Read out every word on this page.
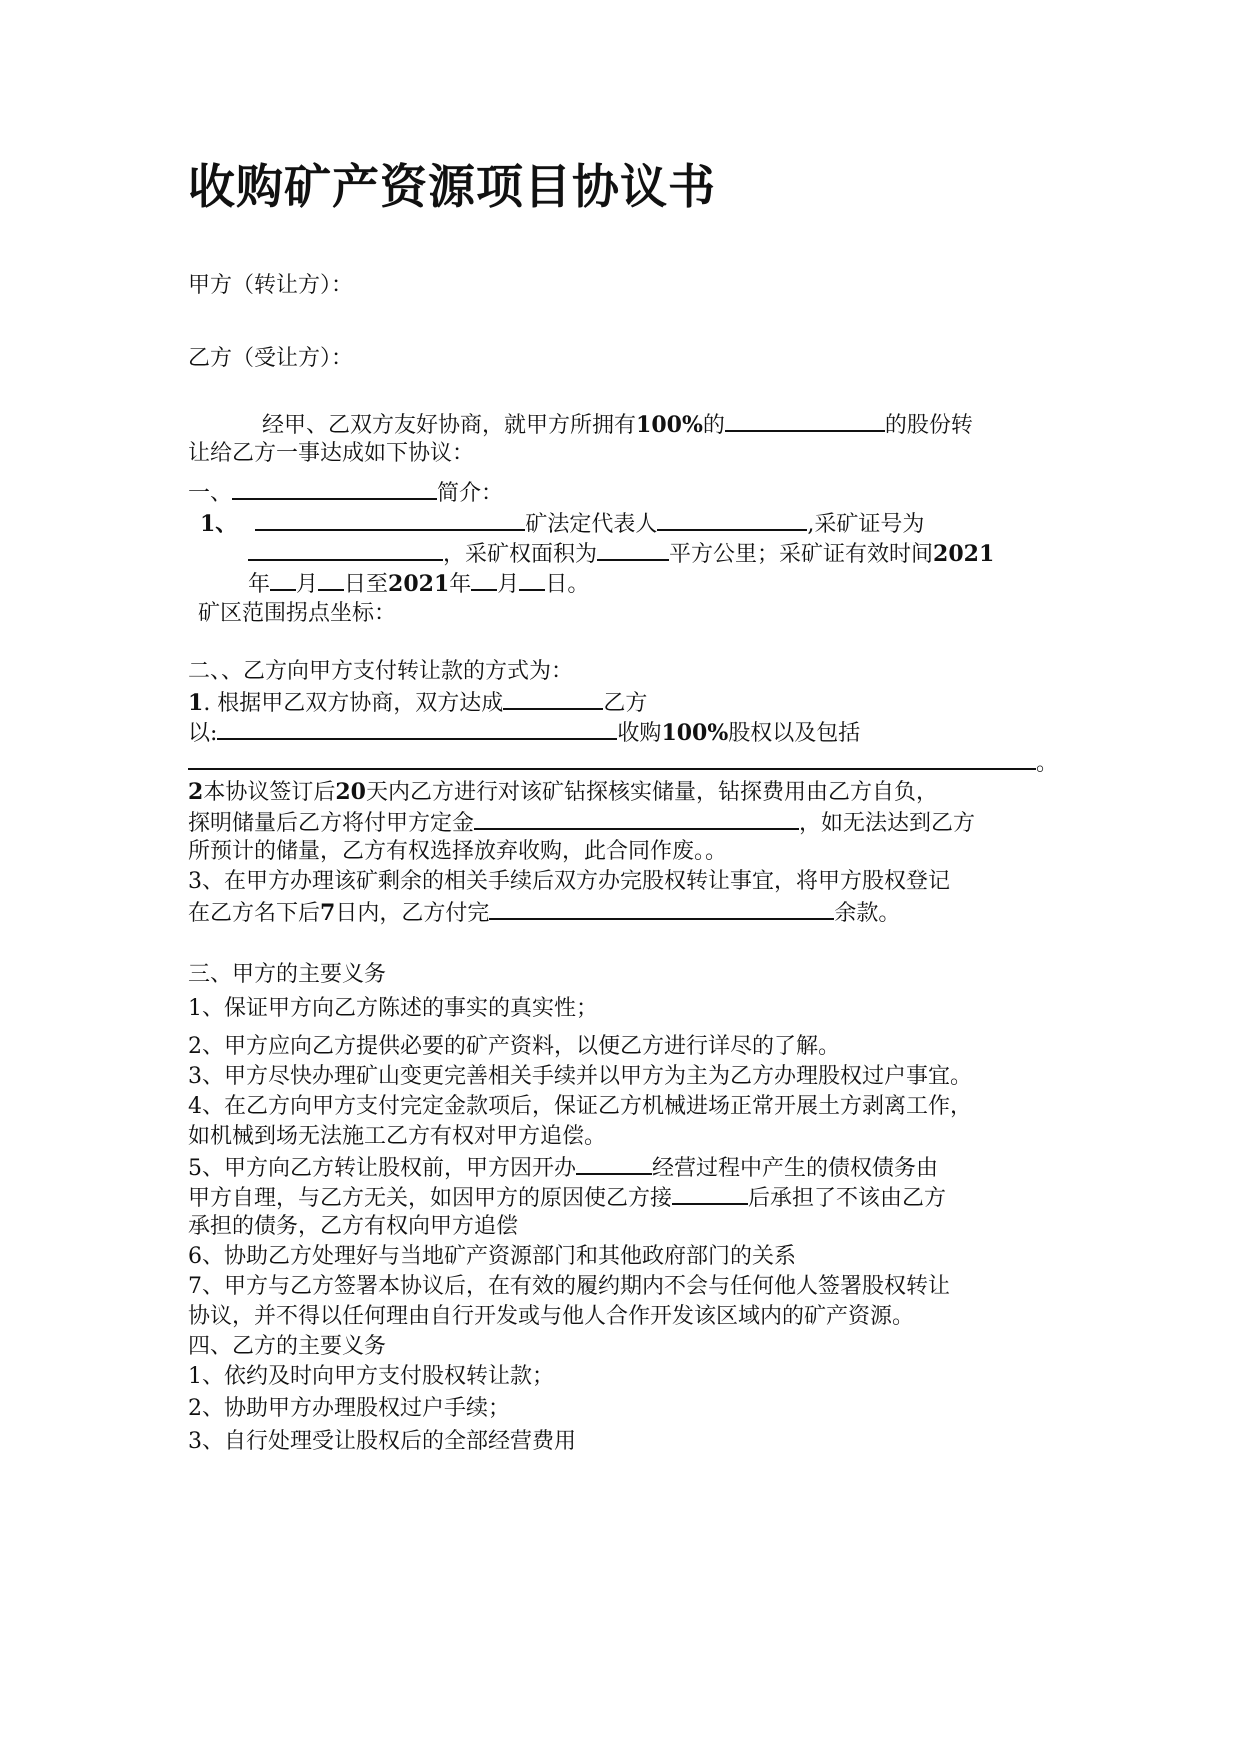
收购矿产资源项目协议书
甲方（转让方）：
乙方（受让方）：
经甲、乙双方友好协商，就甲方所拥有100%的	的股份转
让给乙方一事达成如下协议：
一、	简介：
1、	矿法定代表人	,采矿证号为
，采矿权面积为	平方公里；采矿证有效时间2021
年 月 日至2021年 月 日。
矿区范围拐点坐标：
二、、乙方向甲方支付转让款的方式为：
1. 根据甲乙双方协商，双方达成	乙方
以:	收购100%股权以及包括
。
2本协议签订后20天内乙方进行对该矿钻探核实储量，钻探费用由乙方自负，
探明储量后乙方将付甲方定金	，如无法达到乙方
所预计的储量，乙方有权选择放弃收购，此合同作废。。
3、在甲方办理该矿剩余的相关手续后双方办完股权转让事宜，将甲方股权登记
在乙方名下后7日内，乙方付完	余款。
三、甲方的主要义务
1、保证甲方向乙方陈述的事实的真实性；
2、甲方应向乙方提供必要的矿产资料，以便乙方进行详尽的了解。
3、甲方尽快办理矿山变更完善相关手续并以甲方为主为乙方办理股权过户事宜。
4、在乙方向甲方支付完定金款项后，保证乙方机械进场正常开展土方剥离工作，
如机械到场无法施工乙方有权对甲方追偿。
5、甲方向乙方转让股权前，甲方因开办	经营过程中产生的债权债务由
甲方自理，与乙方无关，如因甲方的原因使乙方接	后承担了不该由乙方
承担的债务，乙方有权向甲方追偿
6、协助乙方处理好与当地矿产资源部门和其他政府部门的关系
7、甲方与乙方签署本协议后，在有效的履约期内不会与任何他人签署股权转让
协议，并不得以任何理由自行开发或与他人合作开发该区域内的矿产资源。
四、乙方的主要义务
1、依约及时向甲方支付股权转让款；
2、协助甲方办理股权过户手续；
3、自行处理受让股权后的全部经营费用
